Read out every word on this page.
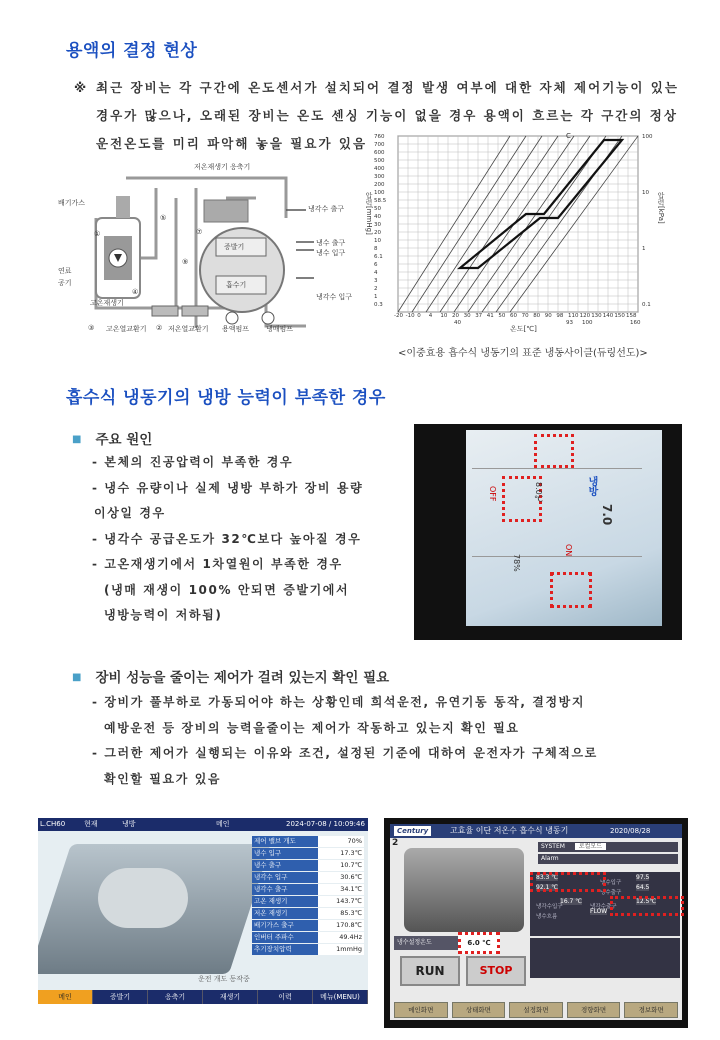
용액의 결정 현상
※ 최근 장비는 각 구간에 온도센서가 설치되어 결정 발생 여부에 대한 자체 제어기능이 있는
경우가 많으나, 오래된 장비는 온도 센싱 기능이 없을 경우 용액이 흐르는 각 구간의 정상
운전온도를 미리 파악해 놓을 필요가 있음
저온재생기 응축기
배기가스
냉각수 출구
증발기	냉수 출구
냉수 입구
흡수기
냉각수 입구
연료
공기
고온재생기
③ 고온열교환기 ② 저온열교환기 용액펌프 냉매펌프
⑤
⑦
⑨
④
①	압력[mmHg]	압력[kPa]
온도[℃]
C
760
700
600
500
400
300
200
100
58.5
50
40
30
20
10
8
6.1
6
4
3
2
1
0.3
100
10
1
0.1
-20 -10 0 4 10 20 30 37 41 50 60 70 80 90 98 110 120 130 140 150 158
40	93 100	160
<이중효용 흡수식 냉동기의 표준 냉동사이클(듀링선도)>
흡수식 냉동기의 냉방 능력이 부족한 경우
■ 주요 원인
- 본체의 진공압력이 부족한 경우
- 냉수 유량이나 실제 냉방 부하가 장비 용량
이상일 경우
- 냉각수 공급온도가 32℃보다 높아질 경우
- 고온재생기에서 1차열원이 부족한 경우
(냉매 재생이 100% 안되면 증발기에서
냉방능력이 저하됨)
8.0℃
7.0
ON
OFF
78%
냉방
■ 장비 성능을 줄이는 제어가 걸려 있는지 확인 필요
- 장비가 풀부하로 가동되어야 하는 상황인데 희석운전, 유연기동 동작, 결정방지
예방운전 등 장비의 능력을줄이는 제어가 작동하고 있는지 확인 필요
- 그러한 제어가 실행되는 이유와 조건, 설정된 기준에 대하여 운전자가 구체적으로
확인할 필요가 있음
L.CH60	현재	냉방	메인	2024-07-08 / 10:09:46
제어 밸브 개도	70%
냉수 입구	17.3℃
냉수 출구	10.7℃
냉각수 입구	30.6℃
냉각수 출구	34.1℃
고온 재생기	143.7℃
저온 재생기	85.3℃
배기가스 출구	170.8℃
인버터 주파수	49.4Hz
추기장치압력	1mmHg
운전 개도 동작중
메인	증발기	응축기	재생기	이력	메뉴(MENU)
Century	고효율 이단 저온수 흡수식 냉동기	2020/08/28
2	SYSTEM 로컬모드
Alarm
83.3 ℃
92.1 ℃
97.5
64.5
16.7 ℃	12.5℃
FLOW
냉수입구
냉수출구
냉각수입구	냉각수출구
냉수흐름
냉수설정온도	6.0 ℃
RUN	STOP
메인화면	상태화면	설정화면	경향화면	경보화면
